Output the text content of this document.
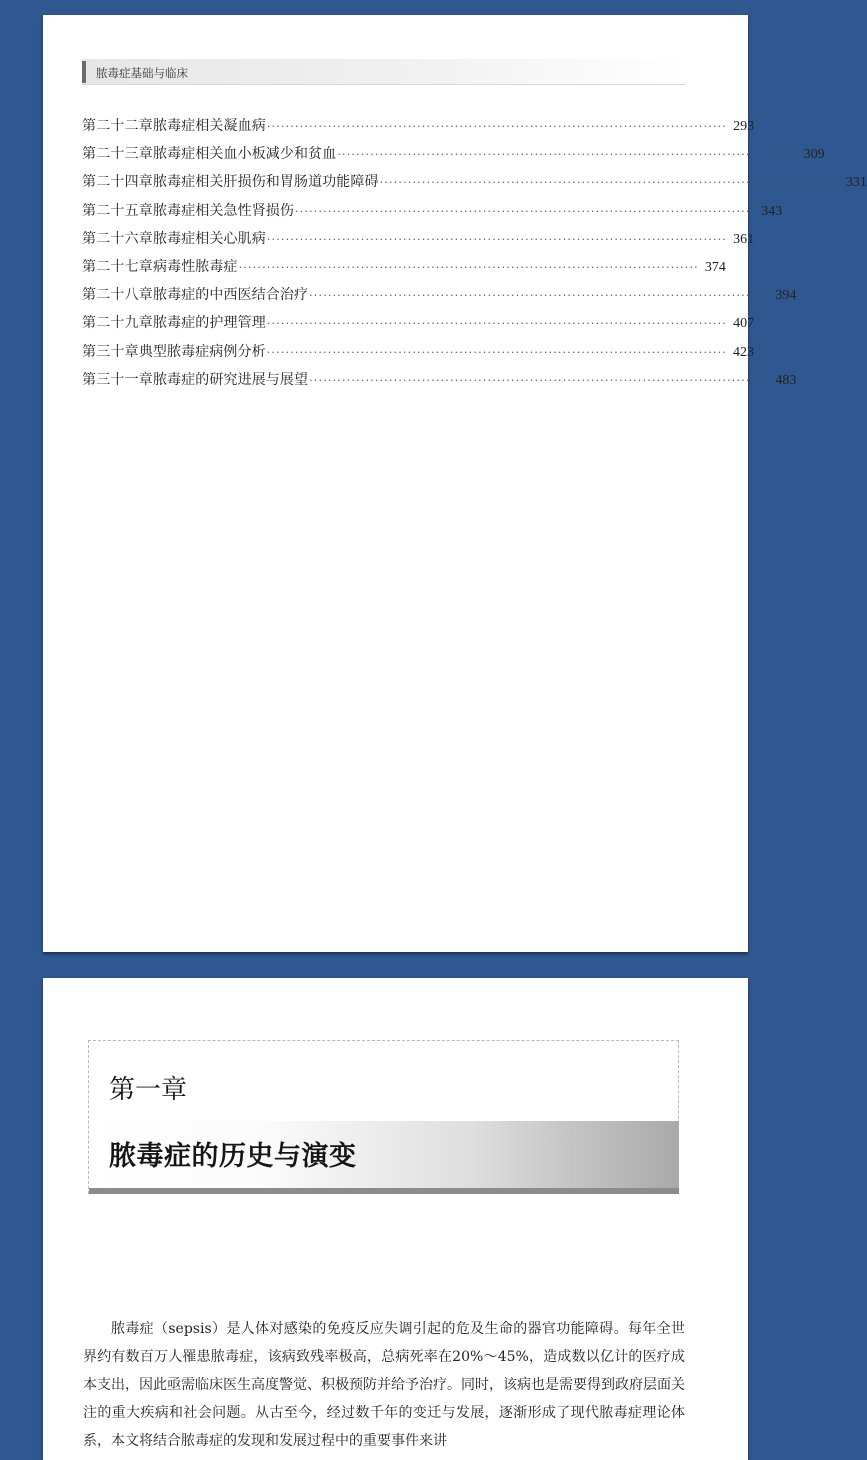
脓毒症基础与临床
第二十二章 脓毒症相关凝血病 ·································································································· 293
第二十三章 脓毒症相关血小板减少和贫血 ·································································································· 309
第二十四章 脓毒症相关肝损伤和胃肠道功能障碍 ·································································································· 331
第二十五章 脓毒症相关急性肾损伤 ·································································································· 343
第二十六章 脓毒症相关心肌病 ·································································································· 361
第二十七章 病毒性脓毒症 ·································································································· 374
第二十八章 脓毒症的中西医结合治疗 ·································································································· 394
第二十九章 脓毒症的护理管理 ·································································································· 407
第三十章 典型脓毒症病例分析 ·································································································· 423
第三十一章 脓毒症的研究进展与展望 ·································································································· 483
第一章
脓毒症的历史与演变

脓毒症（sepsis）是人体对感染的免疫反应失调引起的危及生命的器官功能障碍。每年全世界约有数百万人罹患脓毒症，该病致残率极高，总病死率在20%～45%，造成数以亿计的医疗成本支出，因此亟需临床医生高度警觉、积极预防并给予治疗。同时，该病也是需要得到政府层面关注的重大疾病和社会问题。从古至今，经过数千年的变迁与发展，逐渐形成了现代脓毒症理论体系，本文将结合脓毒症的发现和发展过程中的重要事件来讲
